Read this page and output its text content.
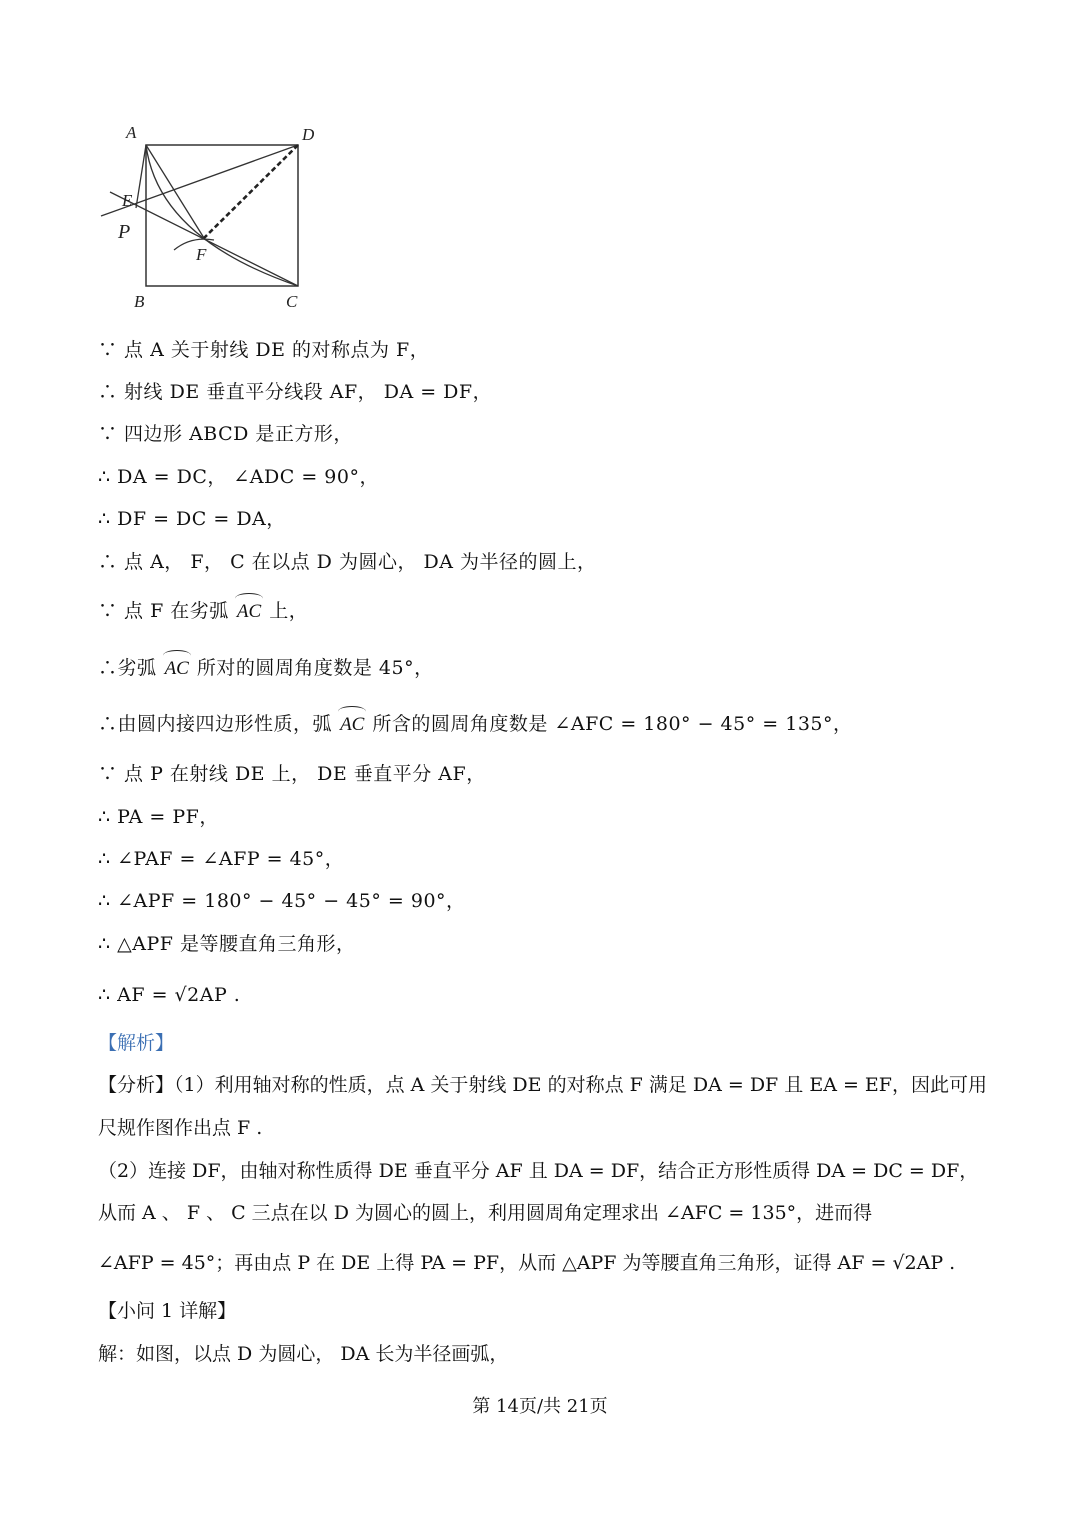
A	D
E
P
F
B	C
∵ 点 A 关于射线 DE 的对称点为 F，
∴ 射线 DE 垂直平分线段 AF， DA = DF，
∵ 四边形 ABCD 是正方形，
∴ DA = DC， ∠ADC = 90°，
∴ DF = DC = DA，
∴ 点 A， F， C 在以点 D 为圆心， DA 为半径的圆上，
∵ 点 F 在劣弧 AC 上，
∴劣弧 AC 所对的圆周角度数是 45°，
∴由圆内接四边形性质，弧 AC 所含的圆周角度数是 ∠AFC = 180° − 45° = 135°，
∵ 点 P 在射线 DE 上， DE 垂直平分 AF，
∴ PA = PF，
∴ ∠PAF = ∠AFP = 45°，
∴ ∠APF = 180° − 45° − 45° = 90°，
∴ △APF 是等腰直角三角形，
∴ AF = √2AP .
【解析】
【分析】（1）利用轴对称的性质，点 A 关于射线 DE 的对称点 F 满足 DA = DF 且 EA = EF，因此可用
尺规作图作出点 F .
（2）连接 DF，由轴对称性质得 DE 垂直平分 AF 且 DA = DF，结合正方形性质得 DA = DC = DF，
从而 A 、 F 、 C 三点在以 D 为圆心的圆上，利用圆周角定理求出 ∠AFC = 135°，进而得
∠AFP = 45°；再由点 P 在 DE 上得 PA = PF，从而 △APF 为等腰直角三角形，证得 AF = √2AP .
【小问 1 详解】
解：如图，以点 D 为圆心， DA 长为半径画弧，
第 14页/共 21页
